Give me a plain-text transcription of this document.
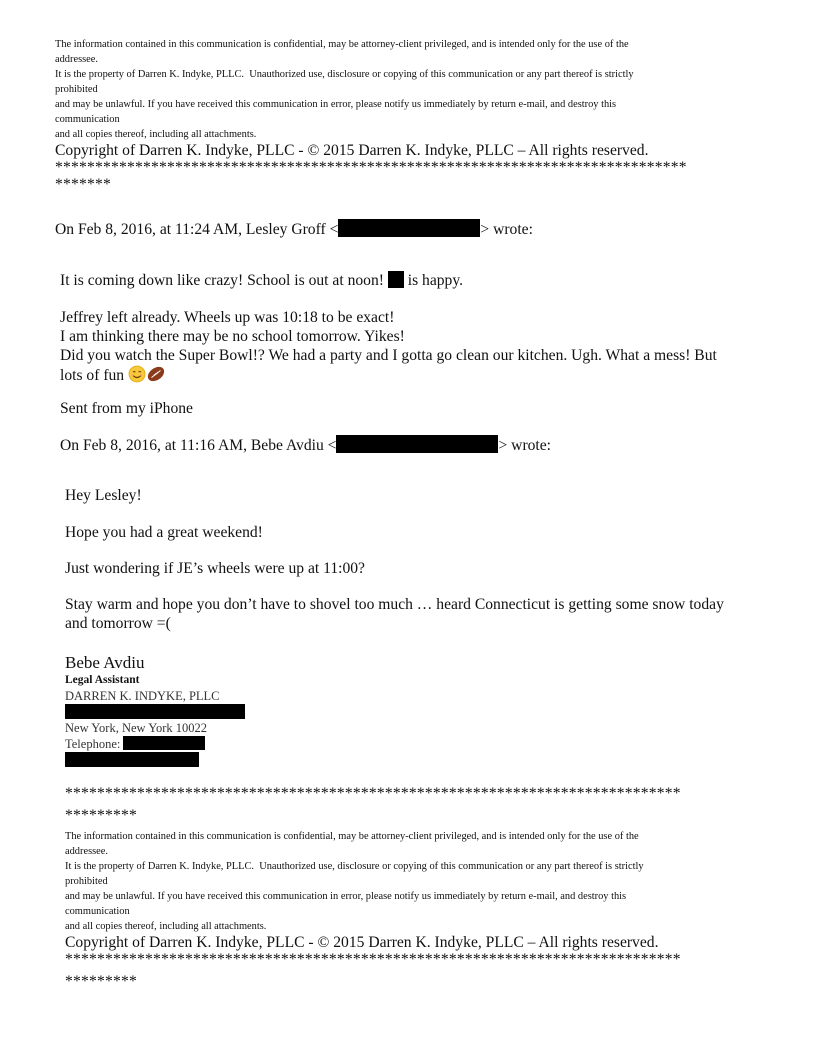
The information contained in this communication is confidential, may be attorney-client privileged, and is intended only for the use of the

addressee.

It is the property of Darren K. Indyke, PLLC.  Unauthorized use, disclosure or copying of this communication or any part thereof is strictly

prohibited

and may be unlawful. If you have received this communication in error, please notify us immediately by return e-mail, and destroy this

communication

and all copies thereof, including all attachments.

Copyright of Darren K. Indyke, PLLC - © 2015 Darren K. Indyke, PLLC – All rights reserved.

*******************************************************************************

*******

On Feb 8, 2016, at 11:24 AM, Lesley Groff <	> wrote:

It is coming down like crazy! School is out at noon!  is happy.

Jeffrey left already. Wheels up was 10:18 to be exact!

I am thinking there may be no school tomorrow. Yikes!

Did you watch the Super Bowl!? We had a party and I gotta go clean our kitchen. Ugh. What a mess! But

lots of fun

Sent from my iPhone

On Feb 8, 2016, at 11:16 AM, Bebe Avdiu <	> wrote:

Hey Lesley!

Hope you had a great weekend!

Just wondering if JE’s wheels were up at 11:00?

Stay warm and hope you don’t have to shovel too much … heard Connecticut is getting some snow today

and tomorrow =(

Bebe Avdiu

Legal Assistant

DARREN K. INDYKE, PLLC

New York, New York 10022

Telephone:

*****************************************************************************

*********

The information contained in this communication is confidential, may be attorney-client privileged, and is intended only for the use of the

addressee.

It is the property of Darren K. Indyke, PLLC.  Unauthorized use, disclosure or copying of this communication or any part thereof is strictly

prohibited

and may be unlawful. If you have received this communication in error, please notify us immediately by return e-mail, and destroy this

communication

and all copies thereof, including all attachments.

Copyright of Darren K. Indyke, PLLC - © 2015 Darren K. Indyke, PLLC – All rights reserved.

*****************************************************************************

*********
